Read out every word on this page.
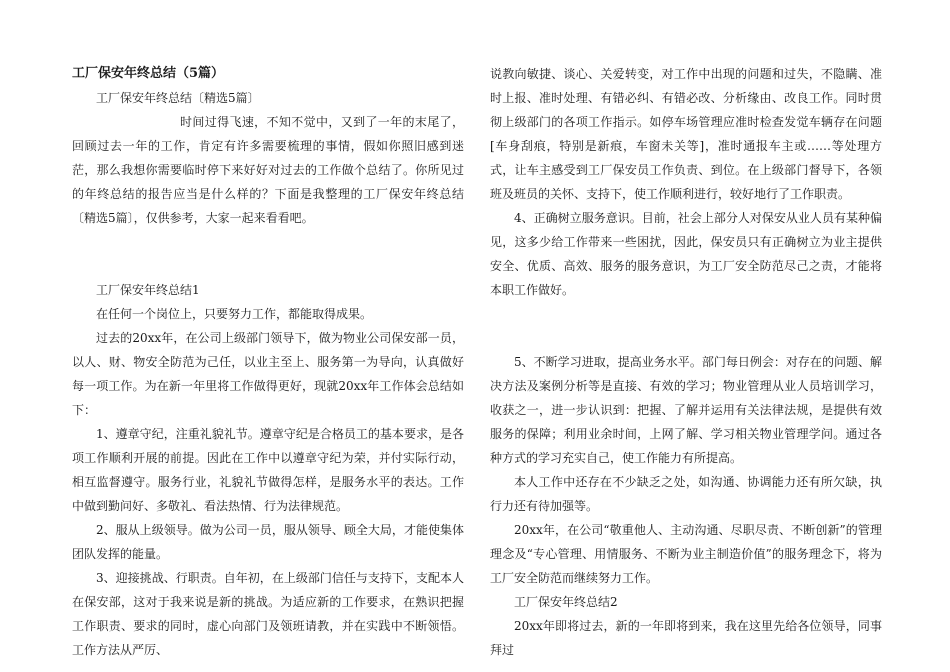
工厂保安年终总结（5篇）

工厂保安年终总结〔精选5篇〕

时间过得飞速，不知不觉中，又到了一年的末尾了，回顾过去一年的工作，肯定有许多需要梳理的事情，假如你照旧感到迷茫，那么我想你需要临时停下来好好对过去的工作做个总结了。你所见过的年终总结的报告应当是什么样的？下面是我整理的工厂保安年终总结〔精选5篇〕，仅供参考，大家一起来看看吧。

工厂保安年终总结1

在任何一个岗位上，只要努力工作，都能取得成果。

过去的20xx年，在公司上级部门领导下，做为物业公司保安部一员，以人、财、物安全防范为己任，以业主至上、服务第一为导向，认真做好每一项工作。为在新一年里将工作做得更好，现就20xx年工作体会总结如下：

1、遵章守纪，注重礼貌礼节。遵章守纪是合格员工的基本要求，是各项工作顺利开展的前提。因此在工作中以遵章守纪为荣，并付实际行动，相互监督遵守。服务行业，礼貌礼节做得怎样，是服务水平的表达。工作中做到勤问好、多敬礼、看法热情、行为法律规范。

2、服从上级领导。做为公司一员，服从领导、顾全大局，才能使集体团队发挥的能量。

3、迎接挑战、行职责。自年初，在上级部门信任与支持下，支配本人在保安部，这对于我来说是新的挑战。为适应新的工作要求，在熟识把握工作职责、要求的同时，虚心向部门及领班请教，并在实践中不断领悟。工作方法从严厉、

说教向敏捷、谈心、关爱转变，对工作中出现的问题和过失，不隐瞒、准时上报、准时处理、有错必纠、有错必改、分析缘由、改良工作。同时贯彻上级部门的各项工作指示。如停车场管理应准时检查发觉车辆存在问题[车身刮痕，特别是新痕，车窗未关等]，准时通报车主或……等处理方式，让车主感受到工厂保安员工作负责、到位。在上级部门督导下，各领班及班员的关怀、支持下，使工作顺利进行，较好地行了工作职责。

4、正确树立服务意识。目前，社会上部分人对保安从业人员有某种偏见，这多少给工作带来一些困扰，因此，保安员只有正确树立为业主提供安全、优质、高效、服务的服务意识，为工厂安全防范尽己之责，才能将本职工作做好。

5、不断学习进取，提高业务水平。部门每日例会：对存在的问题、解决方法及案例分析等是直接、有效的学习；物业管理从业人员培训学习，收获之一，进一步认识到：把握、了解并运用有关法律法规，是提供有效服务的保障；利用业余时间，上网了解、学习相关物业管理学问。通过各种方式的学习充实自己，使工作能力有所提高。

本人工作中还存在不少缺乏之处，如沟通、协调能力还有所欠缺，执行力还有待加强等。

20xx年，在公司“敬重他人、主动沟通、尽职尽责、不断创新”的管理理念及“专心管理、用情服务、不断为业主制造价值”的服务理念下，将为工厂安全防范而继续努力工作。

工厂保安年终总结2

20xx年即将过去，新的一年即将到来，我在这里先给各位领导，同事拜过
